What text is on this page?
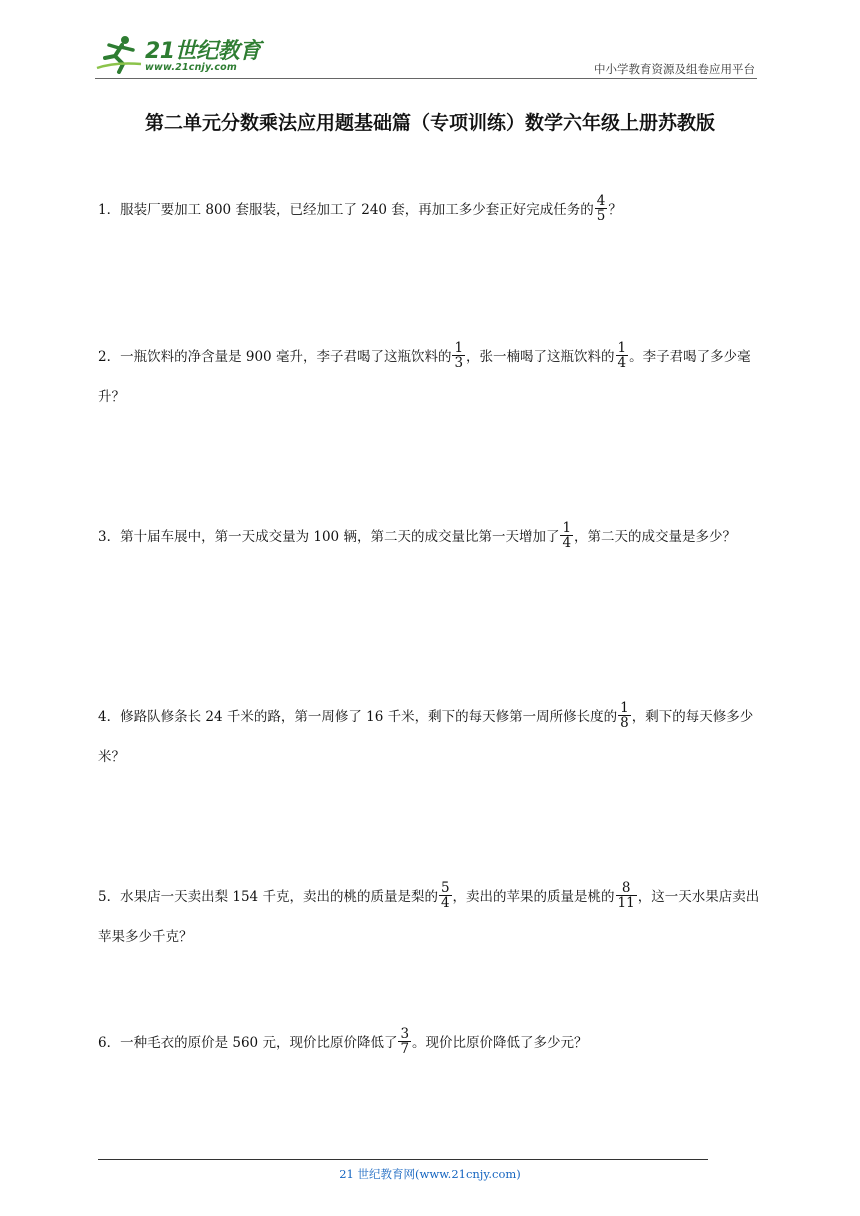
21世纪教育
www.21cnjy.com	中小学教育资源及组卷应用平台
第二单元分数乘法应用题基础篇（专项训练）数学六年级上册苏教版
1．服装厂要加工 800 套服装，已经加工了 240 套，再加工多少套正好完成任务的 $\frac{4}{5}$ ？
2．一瓶饮料的净含量是 900 毫升，李子君喝了这瓶饮料的 $\frac{1}{3}$ ，张一楠喝了这瓶饮料的 $\frac{1}{4}$ 。李子君喝了多少毫升？
3．第十届车展中，第一天成交量为 100 辆，第二天的成交量比第一天增加了 $\frac{1}{4}$ ，第二天的成交量是多少？
4．修路队修条长 24 千米的路，第一周修了 16 千米，剩下的每天修第一周所修长度的 $\frac{1}{8}$ ，剩下的每天修多少米？
5．水果店一天卖出梨 154 千克，卖出的桃的质量是梨的 $\frac{5}{4}$ ，卖出的苹果的质量是桃的 $\frac{8}{11}$ ，这一天水果店卖出苹果多少千克？
6．一种毛衣的原价是 560 元，现价比原价降低了 $\frac{3}{7}$ 。现价比原价降低了多少元？
21 世纪教育网(www.21cnjy.com)
